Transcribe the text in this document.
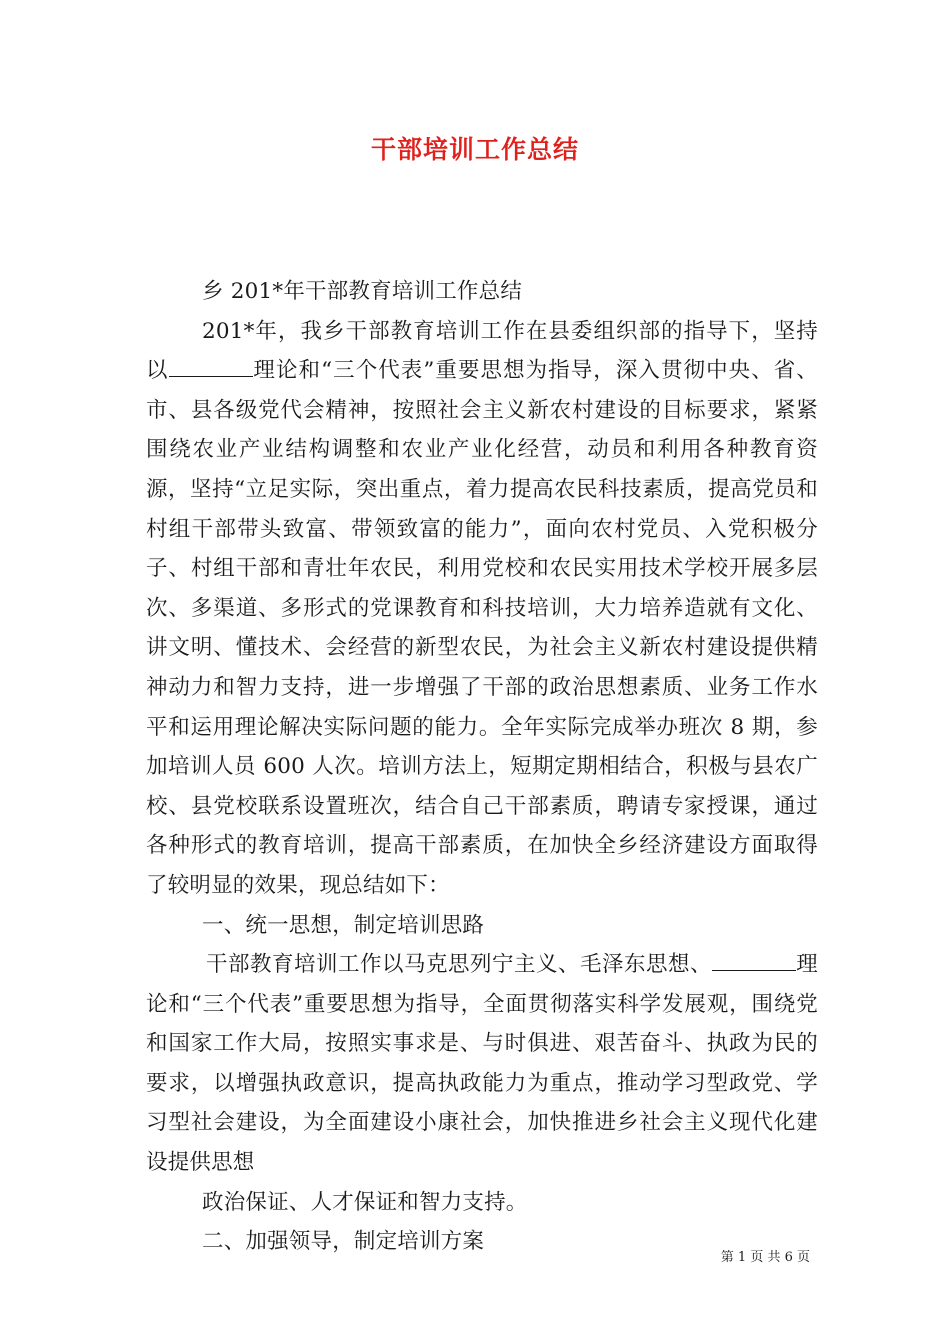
干部培训工作总结

乡 201*年干部教育培训工作总结

201*年，我乡干部教育培训工作在县委组织部的指导下，坚持以	理论和“三个代表”重要思想为指导，深入贯彻中央、省、市、县各级党代会精神，按照社会主义新农村建设的目标要求，紧紧围绕农业产业结构调整和农业产业化经营，动员和利用各种教育资源，坚持“立足实际，突出重点，着力提高农民科技素质，提高党员和村组干部带头致富、带领致富的能力”，面向农村党员、入党积极分子、村组干部和青壮年农民，利用党校和农民实用技术学校开展多层次、多渠道、多形式的党课教育和科技培训，大力培养造就有文化、讲文明、懂技术、会经营的新型农民，为社会主义新农村建设提供精神动力和智力支持，进一步增强了干部的政治思想素质、业务工作水平和运用理论解决实际问题的能力。全年实际完成举办班次 8 期，参加培训人员 600 人次。培训方法上，短期定期相结合，积极与县农广校、县党校联系设置班次，结合自己干部素质，聘请专家授课，通过各种形式的教育培训，提高干部素质，在加快全乡经济建设方面取得了较明显的效果，现总结如下：

一、统一思想，制定培训思路

干部教育培训工作以马克思列宁主义、毛泽东思想、	理论和“三个代表”重要思想为指导，全面贯彻落实科学发展观，围绕党和国家工作大局，按照实事求是、与时俱进、艰苦奋斗、执政为民的要求，以增强执政意识，提高执政能力为重点，推动学习型政党、学习型社会建设，为全面建设小康社会，加快推进乡社会主义现代化建设提供思想

政治保证、人才保证和智力支持。

二、加强领导，制定培训方案

第 1 页 共 6 页
